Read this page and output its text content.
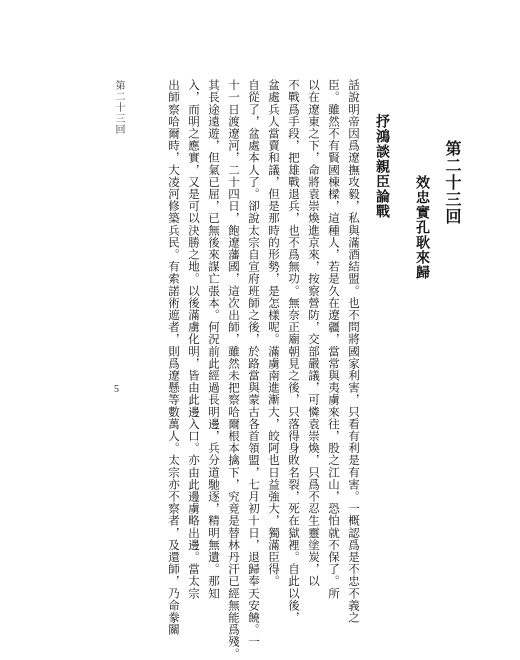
第二十三回
效忠實孔耿來歸
抒鴻談親臣論戰
話說明帝因爲遼撫攻毅，私與滿酒結盟。也不問將國家利害，只看有利是有害。一概認爲是不忠不義之
臣。雖然不有賢國棟樑，這種人，若是久在遼疆，當常與夷虜來往，股之江山，恐怕就不保了。所
以在遼東之下，命將袁崇煥進京來，按察營防，交部嚴議，可憐袁崇煥，只爲不忍生靈塗炭，以
不戰爲手段，把雄戰退兵，也不爲無功。無奈正廟朝見之後，只落得身敗名裂，死在獄裡。自此以後，
盆處兵人當賣和議，但是那時的形勢，是怎樣呢。滿虜南進漸大，皎阿也日益強大，獨滿臣得。
自從了，盆處本人了。卻說太宗自宣府班師之後，於路當與蒙古各首領盟，七月初十日，退歸奉天安饒。一
十一日渡遼河，二十四日，飽遼藩國，這次出師，雖然未把察哈爾根本擒下，究竟是替林丹汗已經無能爲殘。
其長途遠遊，但氣已屈，已無後來謀亡張本。何況前此經過長明邊，兵分道馳逐，精明無遺。那知
入，而明之應實，又是可以決勝之地。以後滿虜化明，皆由此邊入口。亦由此邊虜略出邊。當太宗
出師察哈爾時，大凌河修築兵民。有索諾術遮者，則爲遼懸等數萬人。太宗亦不察者，及還師，乃命豢關
第二十三回
5
